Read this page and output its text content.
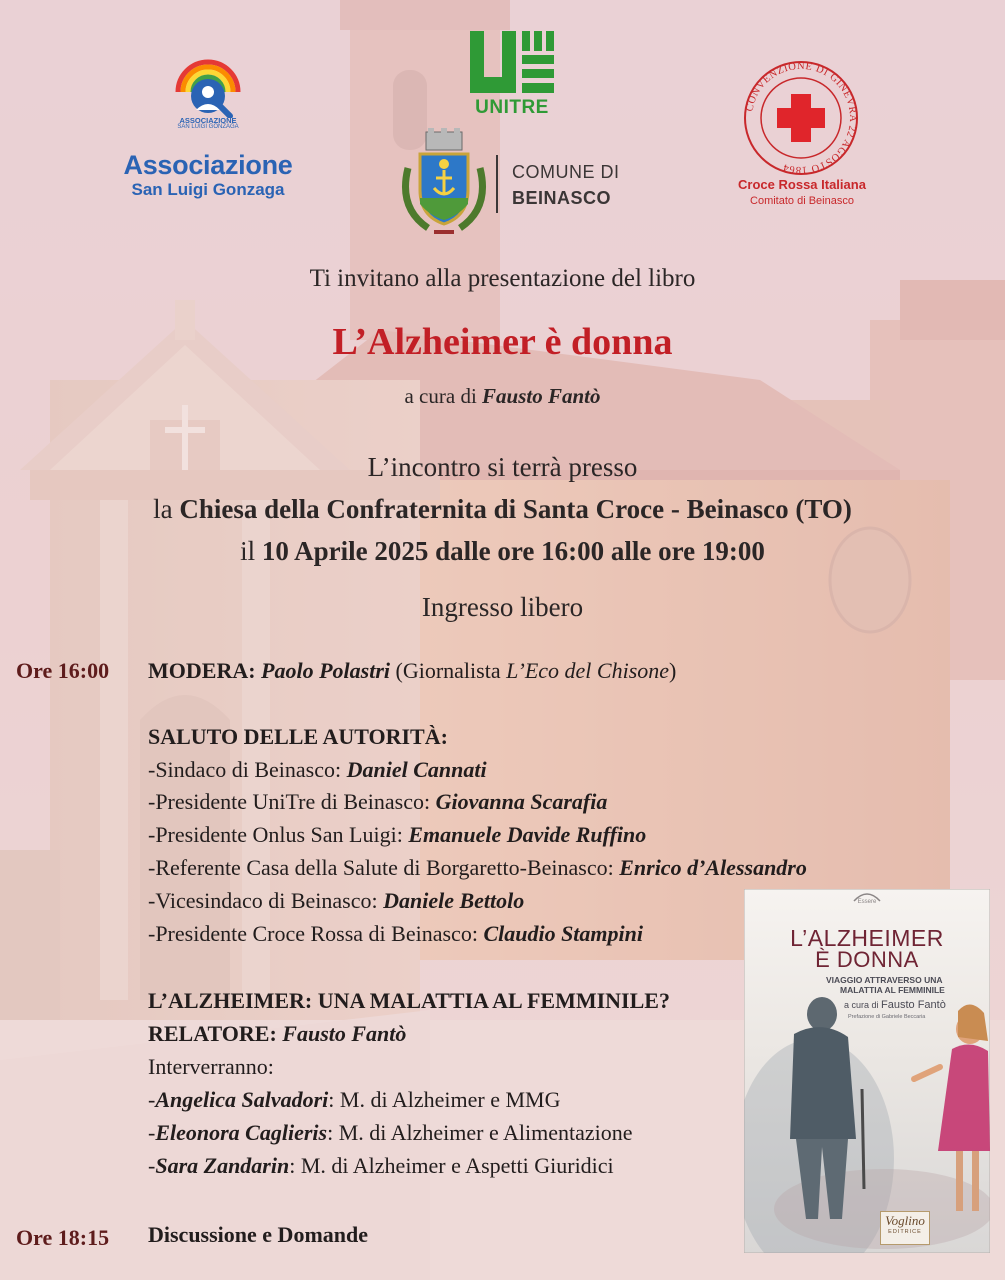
ASSOCIAZIONE
SAN LUIGI GONZAGA
Associazione
San Luigi Gonzaga
UNITRE
COMUNE DI
BEINASCO
CONVENZIONE DI GINEVRA 22 AGOSTO 1864
Croce Rossa Italiana
Comitato di Beinasco
Ti invitano alla presentazione del libro
L’Alzheimer è donna
a cura di Fausto Fantò
L’incontro si terrà presso
la Chiesa della Confraternita di Santa Croce - Beinasco (TO)
il 10 Aprile 2025 dalle ore 16:00 alle ore 19:00
Ingresso libero
Ore 16:00 MODERA: Paolo Polastri (Giornalista L’Eco del Chisone)
SALUTO DELLE AUTORITÀ:
-Sindaco di Beinasco: Daniel Cannati
-Presidente UniTre di Beinasco: Giovanna Scarafia
-Presidente Onlus San Luigi: Emanuele Davide Ruffino
-Referente Casa della Salute di Borgaretto-Beinasco: Enrico d’Alessandro
-Vicesindaco di Beinasco: Daniele Bettolo
-Presidente Croce Rossa di Beinasco: Claudio Stampini
L’ALZHEIMER: UNA MALATTIA AL FEMMINILE?
RELATORE: Fausto Fantò
Interverranno:
-Angelica Salvadori: M. di Alzheimer e MMG
-Eleonora Caglieris: M. di Alzheimer e Alimentazione
-Sara Zandarin: M. di Alzheimer e Aspetti Giuridici
Ore 18:15 Discussione e Domande
Essere
L’ALZHEIMER
È DONNA
VIAGGIO ATTRAVERSO UNA
MALATTIA AL FEMMINILE
a cura di Fausto Fantò
Prefazione di Gabriele Beccaria
Voglino
EDITRICE
